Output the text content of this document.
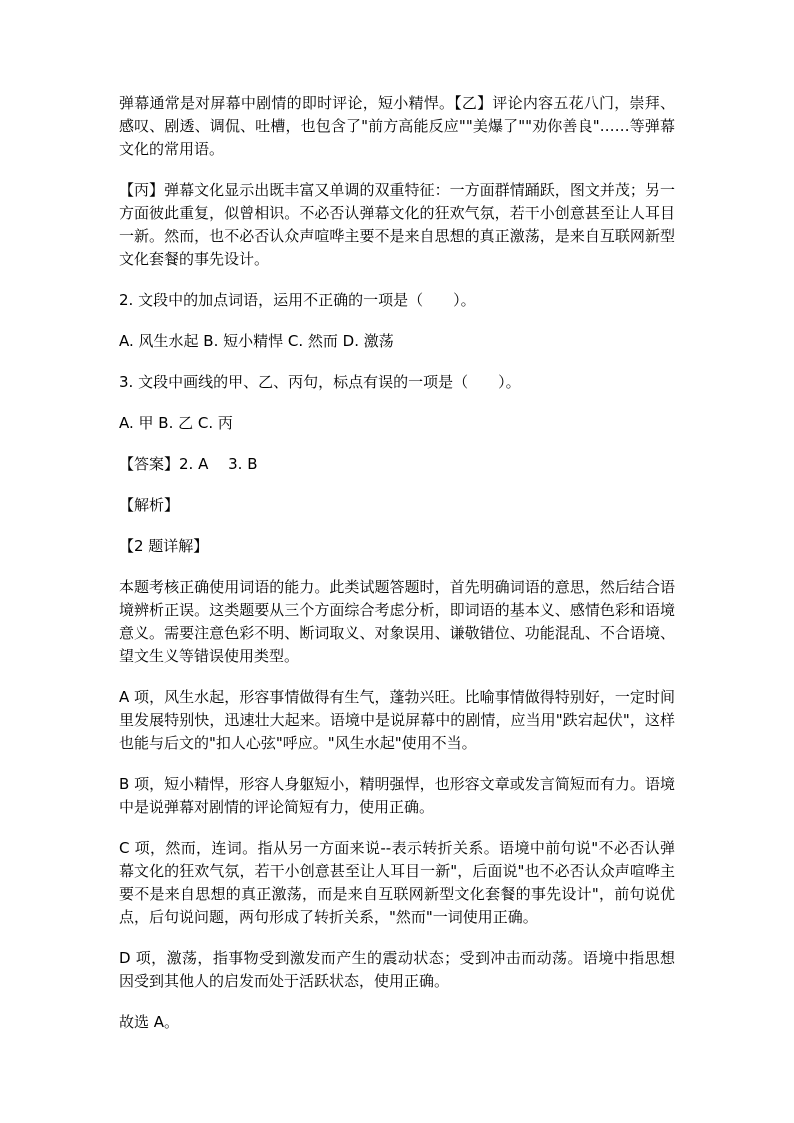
弹幕通常是对屏幕中剧情的即时评论，短小精悍。【乙】评论内容五花八门，崇拜、感叹、剧透、调侃、吐槽，也包含了"前方高能反应""美爆了""劝你善良"……等弹幕文化的常用语。

【丙】弹幕文化显示出既丰富又单调的双重特征：一方面群情踊跃，图文并茂；另一方面彼此重复，似曾相识。不必否认弹幕文化的狂欢气氛，若干小创意甚至让人耳目一新。然而，也不必否认众声喧哗主要不是来自思想的真正激荡，是来自互联网新型文化套餐的事先设计。

2. 文段中的加点词语，运用不正确的一项是（　　）。

A. 风生水起 B. 短小精悍 C. 然而 D. 激荡

3. 文段中画线的甲、乙、丙句，标点有误的一项是（　　）。

A. 甲 B. 乙 C. 丙

【答案】2. A　 3. B

【解析】

【2 题详解】

本题考核正确使用词语的能力。此类试题答题时，首先明确词语的意思，然后结合语境辨析正误。这类题要从三个方面综合考虑分析，即词语的基本义、感情色彩和语境意义。需要注意色彩不明、断词取义、对象误用、谦敬错位、功能混乱、不合语境、望文生义等错误使用类型。

A 项，风生水起，形容事情做得有生气，蓬勃兴旺。比喻事情做得特别好，一定时间里发展特别快，迅速壮大起来。语境中是说屏幕中的剧情，应当用"跌宕起伏"，这样也能与后文的"扣人心弦"呼应。"风生水起"使用不当。

B 项，短小精悍，形容人身躯短小，精明强悍，也形容文章或发言简短而有力。语境中是说弹幕对剧情的评论简短有力，使用正确。

C 项，然而，连词。指从另一方面来说--表示转折关系。语境中前句说"不必否认弹幕文化的狂欢气氛，若干小创意甚至让人耳目一新"，后面说"也不必否认众声喧哗主要不是来自思想的真正激荡，而是来自互联网新型文化套餐的事先设计"，前句说优点，后句说问题，两句形成了转折关系，"然而"一词使用正确。

D 项，激荡，指事物受到激发而产生的震动状态；受到冲击而动荡。语境中指思想因受到其他人的启发而处于活跃状态，使用正确。

故选 A。
